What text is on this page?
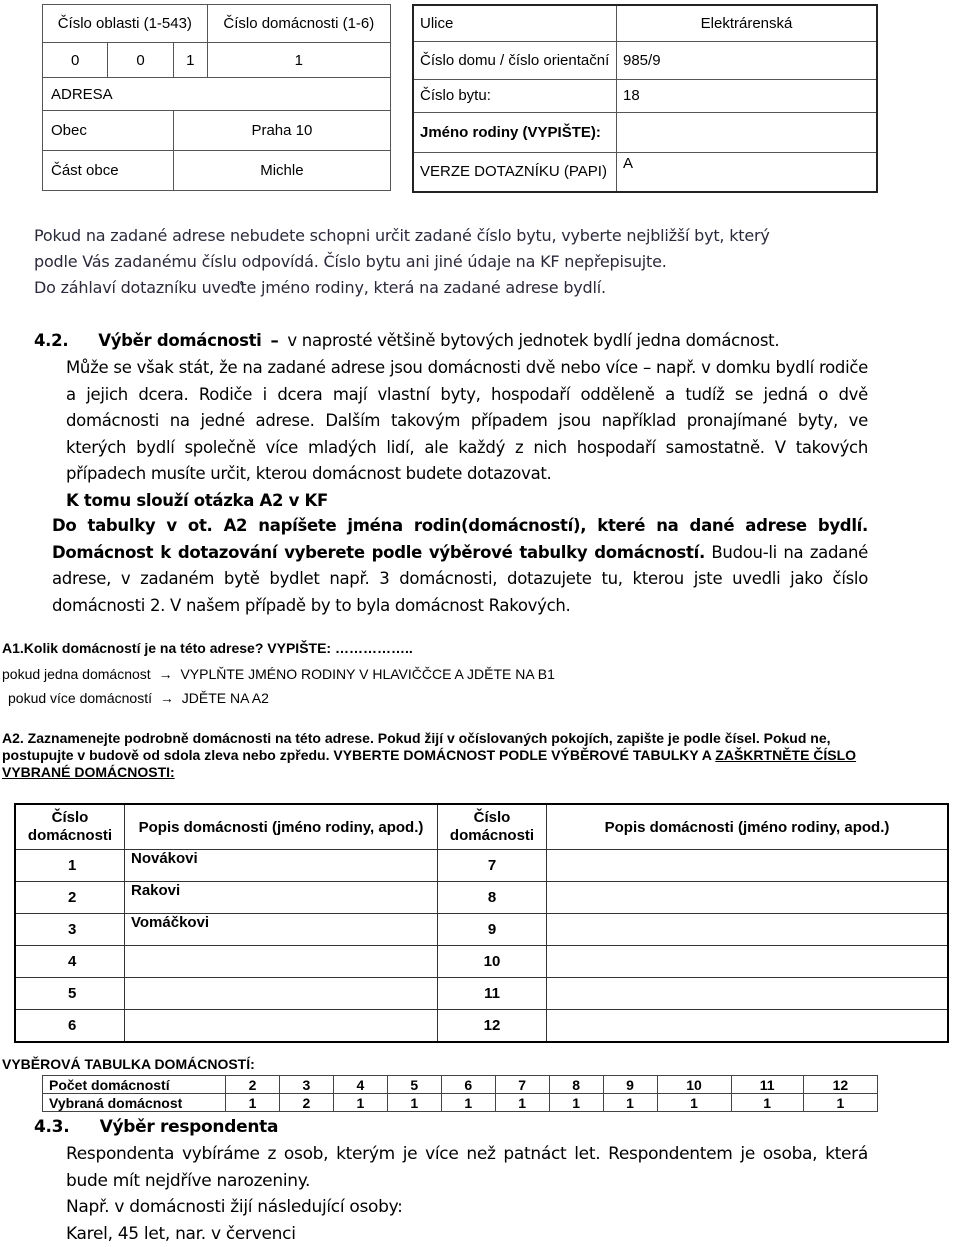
Číslo oblasti (1-543)			Číslo domácnosti (1-6)
0	0	1	1
ADRESA			
Obec		Praha 10	
Část obce		Michle	
Ulice	Elektrárenská
Číslo domu / číslo orientační	985/9
Číslo bytu:	18
Jméno rodiny (VYPIŠTE):	
VERZE DOTAZNÍKU (PAPI)	A

Pokud na zadané adrese nebudete schopni určit zadané číslo bytu, vyberte nejbližší byt, který

podle Vás zadanému číslu odpovídá. Číslo bytu ani jiné údaje na KF nepřepisujte.

Do záhlaví dotazníku uveďte jméno rodiny, která na zadané adrese bydlí.

4.2. Výběr domácnosti – v naprosté většině bytových jednotek bydlí jedna domácnost.

Může se však stát, že na zadané adrese jsou domácnosti dvě nebo více – např. v domku bydlí rodiče a jejich dcera. Rodiče i dcera mají vlastní byty, hospodaří odděleně a tudíž se jedná o dvě domácnosti na jedné adrese. Dalším takovým případem jsou například pronajímané byty, ve kterých bydlí společně více mladých lidí, ale každý z nich hospodaří samostatně. V takových případech musíte určit, kterou domácnost budete dotazovat.

K tomu slouží otázka A2 v KF

Do tabulky v ot. A2 napíšete jména rodin(domácností), které na dané adrese bydlí. Domácnost k dotazování vyberete podle výběrové tabulky domácností. Budou-li na zadané adrese, v zadaném bytě bydlet např. 3 domácnosti, dotazujete tu, kterou jste uvedli jako číslo domácnosti 2. V našem případě by to byla domácnost Rakových.

A1.Kolik domácností je na této adrese? VYPIŠTE: ……………..
pokud jedna domácnost → VYPLŇTE JMÉNO RODINY V HLAVIČČCE A JDĚTE NA B1
pokud více domácností → JDĚTE NA A2
A2. Zaznamenejte podrobně domácnosti na této adrese. Pokud žijí v očíslovaných pokojích, zapište je podle čísel. Pokud ne, postupujte v budově od sdola zleva nebo zpředu. VYBERTE DOMÁCNOST PODLE VÝBĚROVÉ TABULKY A ZAŠKRTNĚTE ČÍSLO VYBRANÉ DOMÁCNOSTI:
Číslo domácnosti	Popis domácnosti (jméno rodiny, apod.)	Číslo domácnosti	Popis domácnosti (jméno rodiny, apod.)
1	Novákovi	7	
2	Rakovi	8	
3	Vomáčkovi	9	
4		10	
5		11	
6		12	
VYBĚROVÁ TABULKA DOMÁCNOSTÍ:
Počet domácností	2	3	4	5	6	7	8	9	10	11	12
Vybraná domácnost	1	2	1	1	1	1	1	1	1	1	1
4.3. Výběr respondenta

Respondenta vybíráme z osob, kterým je více než patnáct let. Respondentem je osoba, která bude mít nejdříve narozeniny.

Např. v domácnosti žijí následující osoby:

Karel, 45 let, nar. v červenci
